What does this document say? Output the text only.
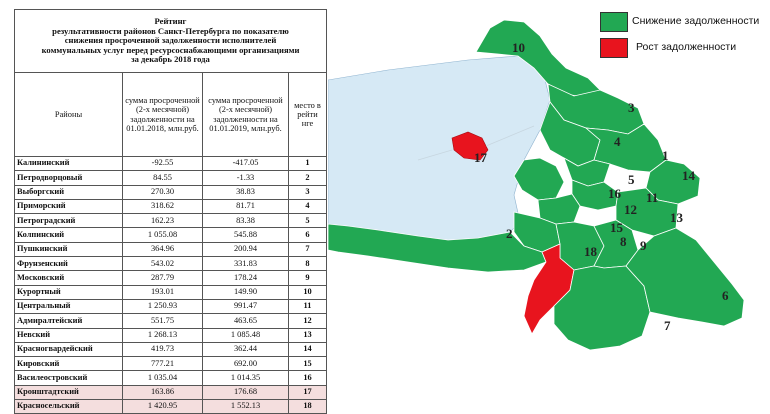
Рейтинг
результативности районов Санкт-Петербурга по показателю
снижения просроченной задолженности исполнителей
коммунальных услуг перед ресурсоснабжающими организациями
за декабрь 2018 года			

Районы	сумма просроченной (2-х месячной) задолженности на 01.01.2018, млн.руб.	сумма просроченной (2-х месячной) задолженности на 01.01.2019, млн.руб.	место в рейти нге
Калининский	-92.55	-417.05	1
Петродворцовый	84.55	-1.33	2
Выборгский	270.30	38.83	3
Приморский	318.62	81.71	4
Петроградский	162.23	83.38	5
Колпинский	1 055.08	545.88	6
Пушкинский	364.96	200.94	7
Фрунзенский	543.02	331.83	8
Московский	287.79	178.24	9
Курортный	193.01	149.90	10
Центральный	1 250.93	991.47	11
Адмиралтейский	551.75	463.65	12
Невский	1 268.13	1 085.48	13
Красногвардейский	419.73	362.44	14
Кировский	777.21	692.00	15
Василеостровский	1 035.04	1 014.35	16
Кронштадтский	163.86	176.68	17
Красносельский	1 420.95	1 552.13	18
10
3
4
1
14
5
16 11
12
13
15
9
8
2
18
7
6
17
Снижение задолженности
Рост задолженности
